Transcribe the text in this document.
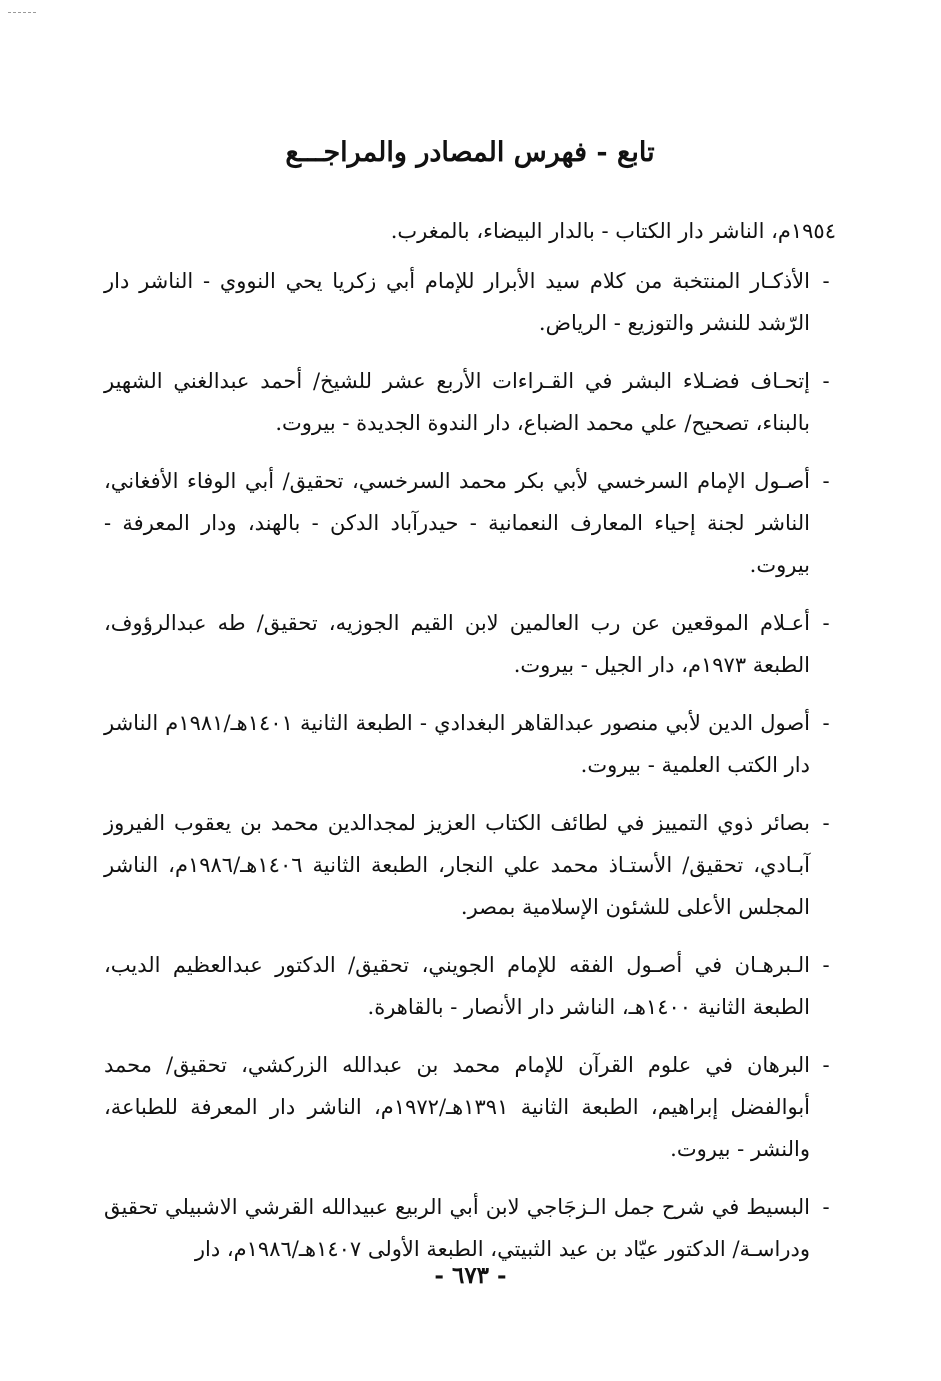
تابع - فهرس المصادر والمراجـــع

١٩٥٤م، الناشر دار الكتاب - بالدار البيضاء، بالمغرب.

-
الأذكـار المنتخبة من كلام سيد الأبرار للإمام أبي زكريا يحي النووي - الناشر دار الرّشد للنشر والتوزيع - الرياض.
-
إتحـاف فضـلاء البشر في القـراءات الأربع عشر للشيخ/ أحمد عبدالغني الشهير بالبناء، تصحيح/ علي محمد الضباع، دار الندوة الجديدة - بيروت.
-
أصـول الإمام السرخسي لأبي بكر محمد السرخسي، تحقيق/ أبي الوفاء الأفغاني، الناشر لجنة إحياء المعارف النعمانية - حيدرآباد الدكن - بالهند، ودار المعرفة - بيروت.
-
أعـلام الموقعين عن رب العالمين لابن القيم الجوزيه، تحقيق/ طه عبدالرؤوف، الطبعة ١٩٧٣م، دار الجيل - بيروت.
-
أصول الدين لأبي منصور عبدالقاهر البغدادي - الطبعة الثانية ١٤٠١هـ/١٩٨١م الناشر دار الكتب العلمية - بيروت.
-
بصائر ذوي التمييز في لطائف الكتاب العزيز لمجدالدين محمد بن يعقوب الفيروز آبـادي، تحقيق/ الأستـاذ محمد علي النجار، الطبعة الثانية ١٤٠٦هـ/١٩٨٦م، الناشر المجلس الأعلى للشئون الإسلامية بمصر.
-
الـبرهـان في أصـول الفقه للإمام الجويني، تحقيق/ الدكتور عبدالعظيم الديب، الطبعة الثانية ١٤٠٠هـ، الناشر دار الأنصار - بالقاهرة.
-
البرهان في علوم القرآن للإمام محمد بن عبدالله الزركشي، تحقيق/ محمد أبوالفضل إبراهيم، الطبعة الثانية ١٣٩١هـ/١٩٧٢م، الناشر دار المعرفة للطباعة، والنشر - بيروت.
-
البسيط في شرح جمل الـزجَاجي لابن أبي الربيع عبيدالله القرشي الاشبيلي تحقيق ودراسـة/ الدكتور عيّاد بن عيد الثبيتي، الطبعة الأولى ١٤٠٧هـ/١٩٨٦م، دار
- ٦٧٣ -
